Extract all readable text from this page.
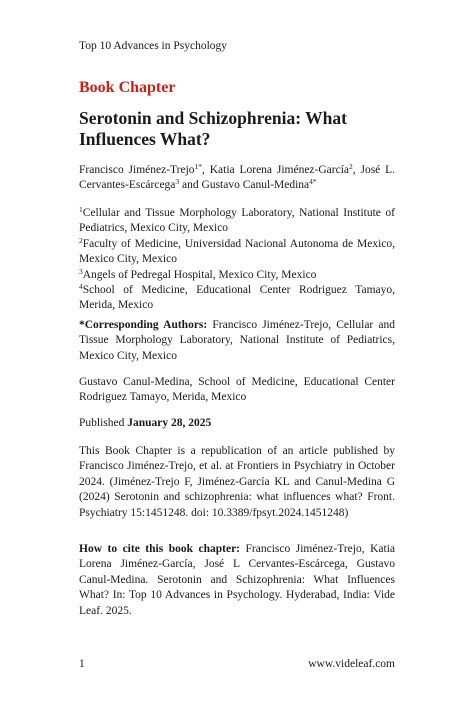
Top 10 Advances in Psychology
Book Chapter
Serotonin and Schizophrenia: What Influences What?
Francisco Jiménez-Trejo$^{1*}$, Katia Lorena Jiménez-García$^2$, José L. Cervantes-Escárcega$^3$ and Gustavo Canul-Medina$^{4*}$
$^1$Cellular and Tissue Morphology Laboratory, National Institute of Pediatrics, Mexico City, Mexico
$^2$Faculty of Medicine, Universidad Nacional Autonoma de Mexico, Mexico City, Mexico
$^3$Angels of Pedregal Hospital, Mexico City, Mexico
$^4$School of Medicine, Educational Center Rodriguez Tamayo, Merida, Mexico
*Corresponding Authors: Francisco Jiménez-Trejo, Cellular and Tissue Morphology Laboratory, National Institute of Pediatrics, Mexico City, Mexico
Gustavo Canul-Medina, School of Medicine, Educational Center Rodriguez Tamayo, Merida, Mexico
Published January 28, 2025
This Book Chapter is a republication of an article published by Francisco Jiménez-Trejo, et al. at Frontiers in Psychiatry in October 2024. (Jiménez-Trejo F, Jiménez-García KL and Canul-Medina G (2024) Serotonin and schizophrenia: what influences what? Front. Psychiatry 15:1451248. doi: 10.3389/fpsyt.2024.1451248)
How to cite this book chapter: Francisco Jiménez-Trejo, Katia Lorena Jiménez-García, José L Cervantes-Escárcega, Gustavo Canul-Medina. Serotonin and Schizophrenia: What Influences What? In: Top 10 Advances in Psychology. Hyderabad, India: Vide Leaf. 2025.
1	www.videleaf.com
